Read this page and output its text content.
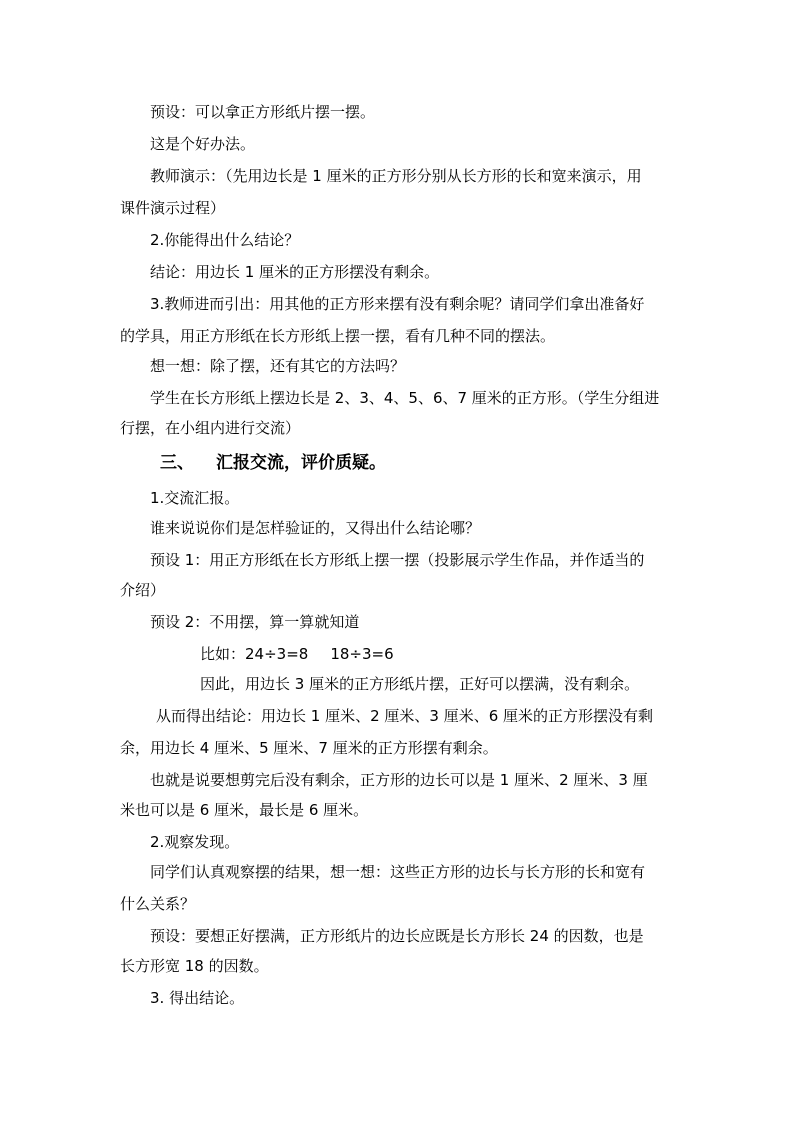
预设：可以拿正方形纸片摆一摆。
这是个好办法。
教师演示：（先用边长是 1 厘米的正方形分别从长方形的长和宽来演示，用
课件演示过程）
2.你能得出什么结论？
结论：用边长 1 厘米的正方形摆没有剩余。
3.教师进而引出：用其他的正方形来摆有没有剩余呢？请同学们拿出准备好
的学具，用正方形纸在长方形纸上摆一摆，看有几种不同的摆法。
想一想：除了摆，还有其它的方法吗？
学生在长方形纸上摆边长是 2、3、4、5、6、7 厘米的正方形。（学生分组进
行摆，在小组内进行交流）
三、 汇报交流，评价质疑。
1.交流汇报。
谁来说说你们是怎样验证的，又得出什么结论哪？
预设 1：用正方形纸在长方形纸上摆一摆（投影展示学生作品，并作适当的
介绍）
预设 2：不用摆，算一算就知道
比如：24÷3=8 18÷3=6
因此，用边长 3 厘米的正方形纸片摆，正好可以摆满，没有剩余。
从而得出结论：用边长 1 厘米、2 厘米、3 厘米、6 厘米的正方形摆没有剩
余，用边长 4 厘米、5 厘米、7 厘米的正方形摆有剩余。
也就是说要想剪完后没有剩余，正方形的边长可以是 1 厘米、2 厘米、3 厘
米也可以是 6 厘米，最长是 6 厘米。
2.观察发现。
同学们认真观察摆的结果，想一想：这些正方形的边长与长方形的长和宽有
什么关系？
预设：要想正好摆满，正方形纸片的边长应既是长方形长 24 的因数，也是
长方形宽 18 的因数。
3. 得出结论。
